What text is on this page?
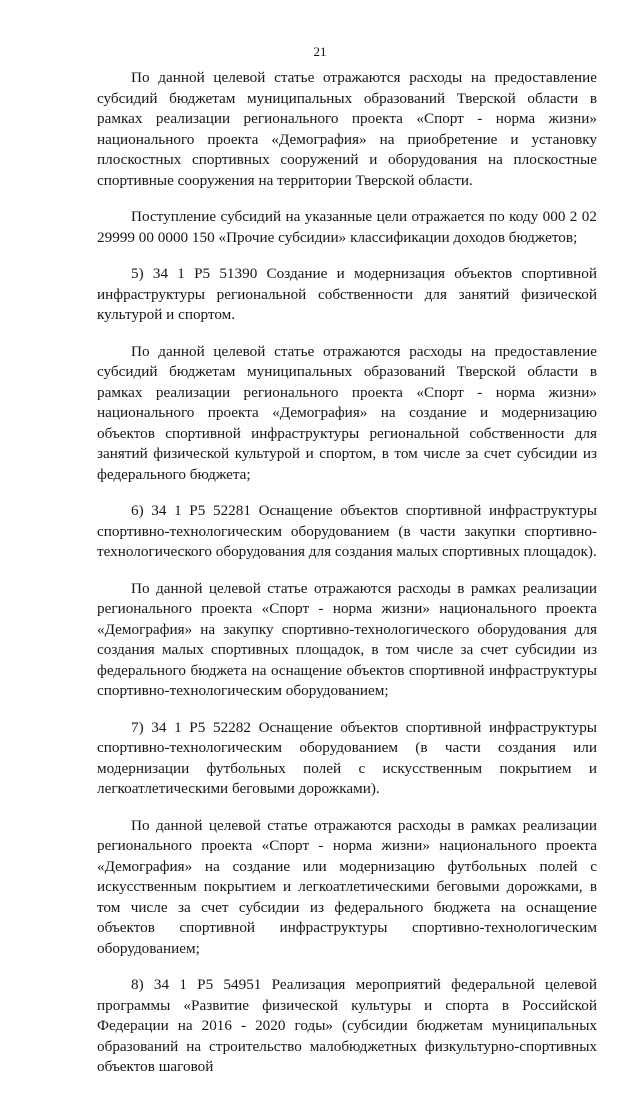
21

По данной целевой статье отражаются расходы на предоставление субсидий бюджетам муниципальных образований Тверской области в рамках реализации регионального проекта «Спорт - норма жизни» национального проекта «Демография» на приобретение и установку плоскостных спортивных сооружений и оборудования на плоскостные спортивные сооружения на территории Тверской области.

Поступление субсидий на указанные цели отражается по коду 000 2 02 29999 00 0000 150 «Прочие субсидии» классификации доходов бюджетов;

5) 34 1 Р5 51390 Создание и модернизация объектов спортивной инфраструктуры региональной собственности для занятий физической культурой и спортом.

По данной целевой статье отражаются расходы на предоставление субсидий бюджетам муниципальных образований Тверской области в рамках реализации регионального проекта «Спорт - норма жизни» национального проекта «Демография» на создание и модернизацию объектов спортивной инфраструктуры региональной собственности для занятий физической культурой и спортом, в том числе за счет субсидии из федерального бюджета;

6) 34 1 Р5 52281 Оснащение объектов спортивной инфраструктуры спортивно-технологическим оборудованием (в части закупки спортивно-технологического оборудования для создания малых спортивных площадок).

По данной целевой статье отражаются расходы в рамках реализации регионального проекта «Спорт - норма жизни» национального проекта «Демография» на закупку спортивно-технологического оборудования для создания малых спортивных площадок, в том числе за счет субсидии из федерального бюджета на оснащение объектов спортивной инфраструктуры спортивно-технологическим оборудованием;

7) 34 1 Р5 52282 Оснащение объектов спортивной инфраструктуры спортивно-технологическим оборудованием (в части создания или модернизации футбольных полей с искусственным покрытием и легкоатлетическими беговыми дорожками).

По данной целевой статье отражаются расходы в рамках реализации регионального проекта «Спорт - норма жизни» национального проекта «Демография» на создание или модернизацию футбольных полей с искусственным покрытием и легкоатлетическими беговыми дорожками, в том числе за счет субсидии из федерального бюджета на оснащение объектов спортивной инфраструктуры спортивно-технологическим оборудованием;

8) 34 1 Р5 54951 Реализация мероприятий федеральной целевой программы «Развитие физической культуры и спорта в Российской Федерации на 2016 - 2020 годы» (субсидии бюджетам муниципальных образований на строительство малобюджетных физкультурно-спортивных объектов шаговой
